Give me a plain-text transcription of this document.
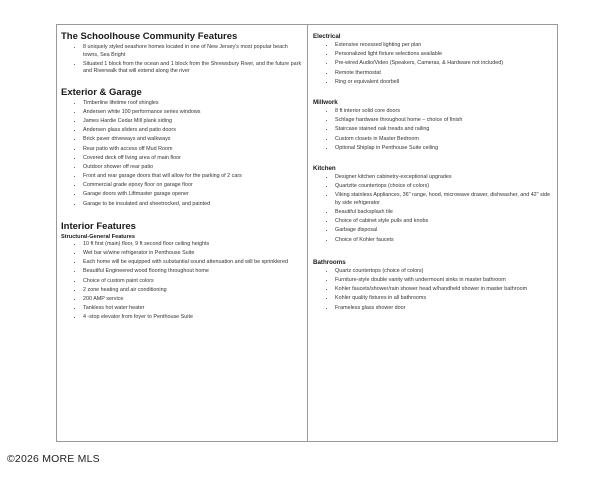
The Schoolhouse Community Features
• 8 uniquely styled seashore homes located in one of New Jersey's most popular beach towns, Sea Bright
• Situated 1 block from the ocean and 1 block from the Shrewsbury River, and the future park and Riverwalk that will extend along the river
Exterior & Garage
• Timberline lifetime roof shingles
• Andersen white 100 performance series windows
• James Hardie Cedar Mill plank siding
• Andersen glass sliders and patio doors
• Brick paver driveways and walkways
• Rear patio with access off Mud Room
• Covered deck off living area of main floor
• Outdoor shower off rear patio
• Front and rear garage doors that will allow for the parking of 2 cars
• Commercial grade epoxy floor on garage floor
• Garage doors with Liftmaster garage opener
• Garage to be insulated and sheetrocked, and painted
Interior Features
Structural-General Features
• 10 ft first (main) floor, 9 ft second floor ceiling heights
• Wet bar w/wine refrigerator in Penthouse Suite
• Each home will be equipped with substantial sound attenuation and will be sprinklered
• Beautiful Engineered wood flooring throughout home
• Choice of custom paint colors
• 2 zone heating and air conditioning
• 200 AMP service
• Tankless hot water heater
• 4 -stop elevator from foyer to Penthouse Suite
Electrical
• Extensive recessed lighting per plan
• Personalized light fixture selections available
• Pre-wired Audio/Video (Speakers, Cameras, & Hardware not included)
• Remote thermostat
• Ring or equivalent doorbell
Millwork
• 8 ft interior solid core doors
• Schlage hardware throughout home – choice of finish
• Staircase stained oak treads and railing
• Custom closets in Master Bedroom
• Optional Shiplap in Penthouse Suite ceiling
Kitchen
• Designer kitchen cabinetry-exceptional upgrades
• Quartzite countertops (choice of colors)
• Viking stainless Appliances, 36" range, hood, microwave drawer, dishwasher, and 42" side by side refrigerator
• Beautiful backsplash tile
• Choice of cabinet style pulls and knobs
• Garbage disposal
• Choice of Kohler faucets
Bathrooms
• Quartz countertops (choice of colors)
• Furniture-style double vanity with undermount sinks in master bathroom
• Kohler faucets/shower/rain shower head w/handheld shower in master bathroom
• Kohler quality fixtures in all bathrooms
• Frameless glass shower door
©2026 MORE MLS
